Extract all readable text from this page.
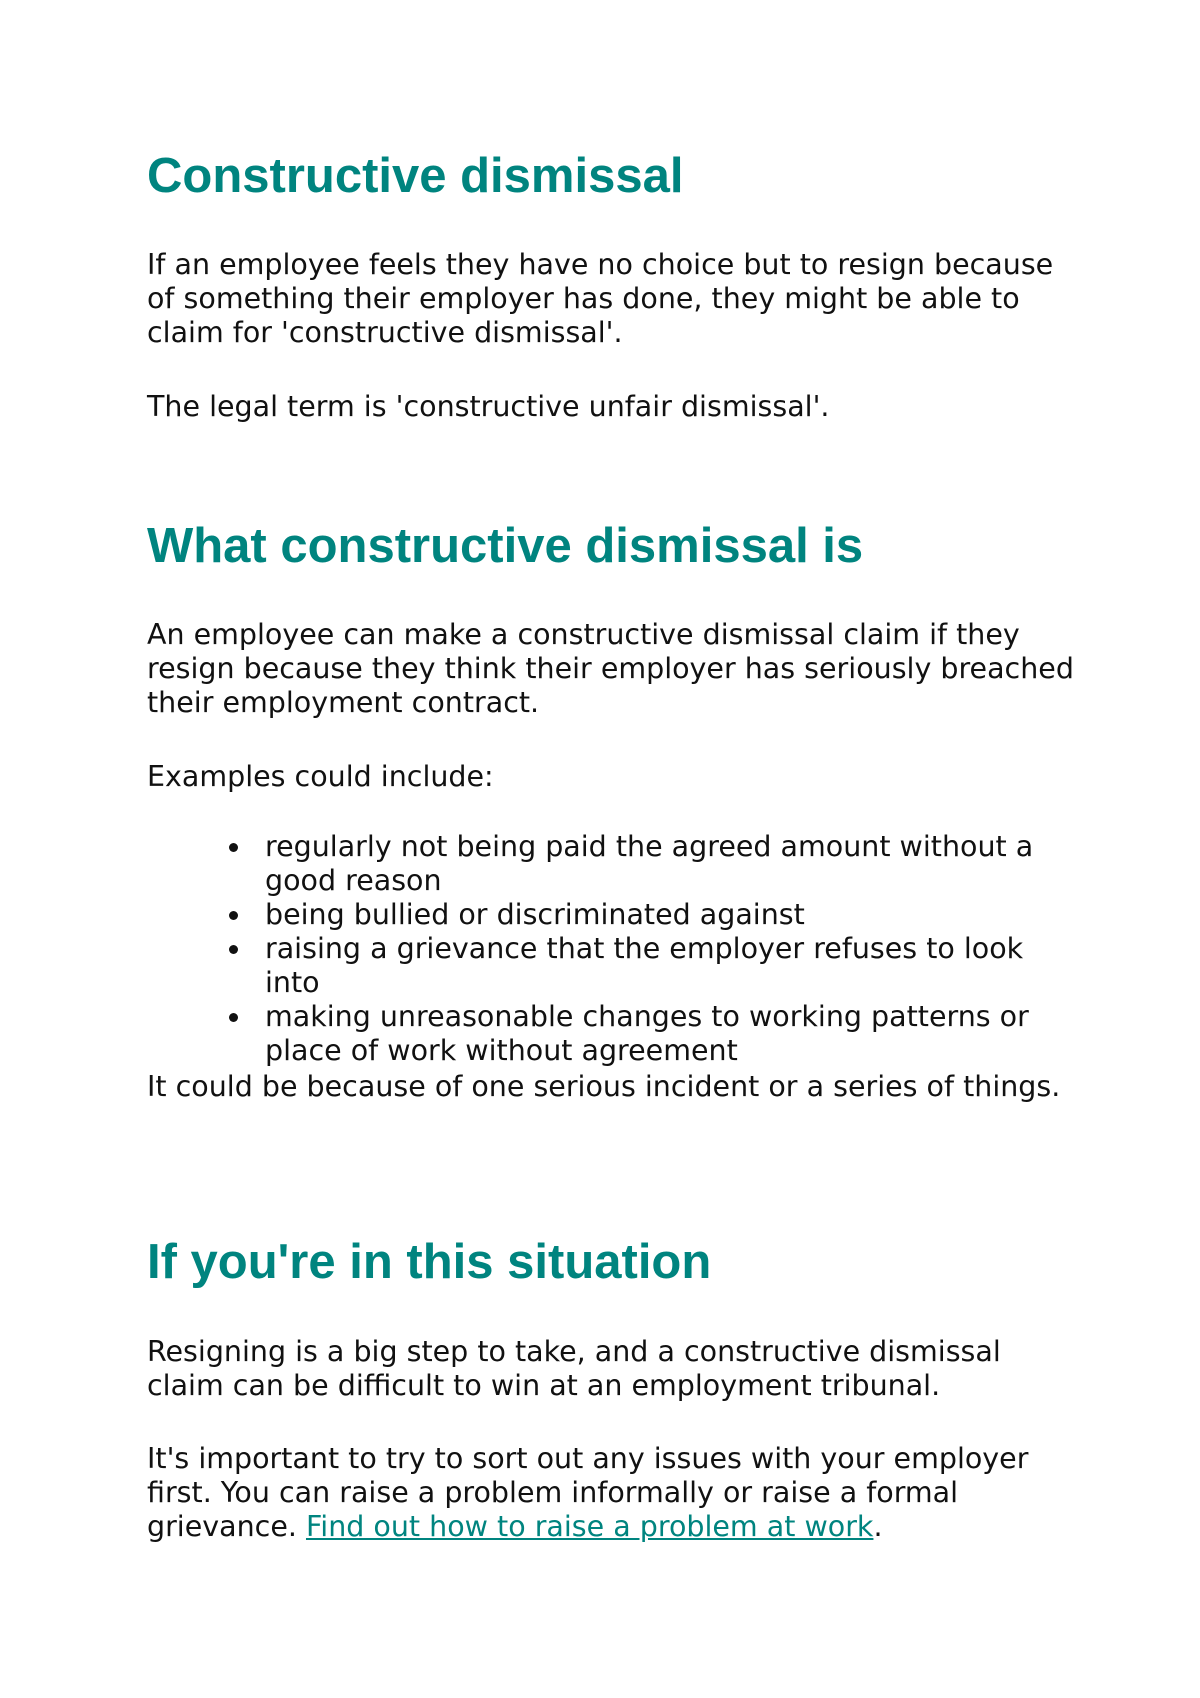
Constructive dismissal

If an employee feels they have no choice but to resign because of something their employer has done, they might be able to claim for 'constructive dismissal'.

The legal term is 'constructive unfair dismissal'.

What constructive dismissal is

An employee can make a constructive dismissal claim if they resign because they think their employer has seriously breached their employment contract.

Examples could include:

regularly not being paid the agreed amount without a good reason
being bullied or discriminated against
raising a grievance that the employer refuses to look into
making unreasonable changes to working patterns or place of work without agreement

It could be because of one serious incident or a series of things.

If you're in this situation

Resigning is a big step to take, and a constructive dismissal claim can be difficult to win at an employment tribunal.

It's important to try to sort out any issues with your employer first. You can raise a problem informally or raise a formal grievance. Find out how to raise a problem at work.
